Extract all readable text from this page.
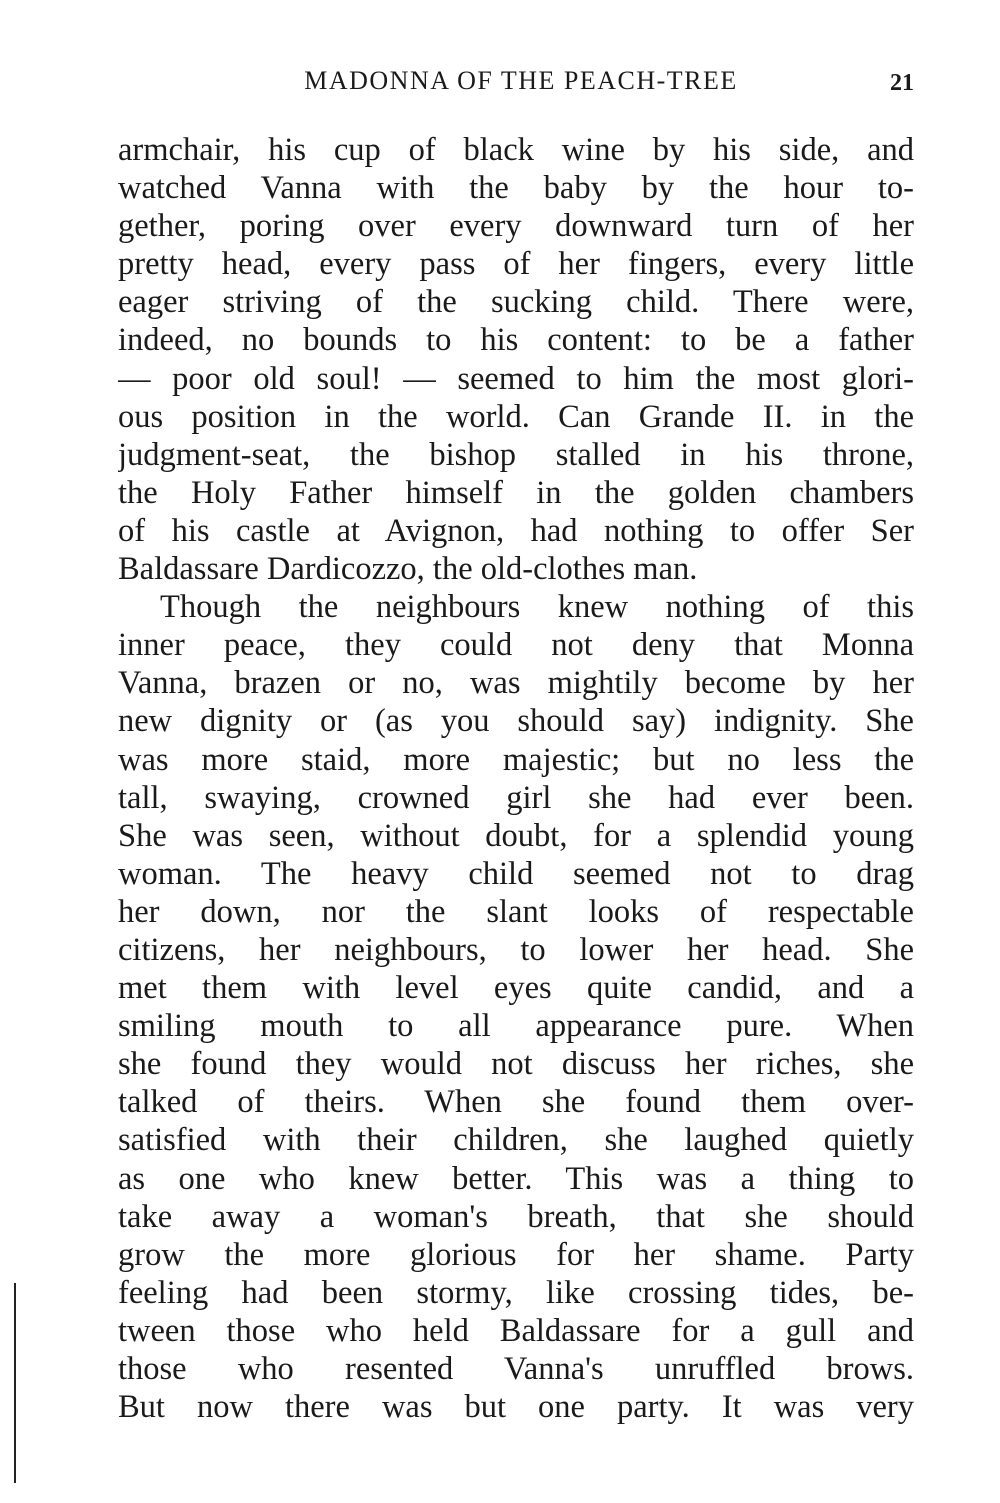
MADONNA OF THE PEACH-TREE	21
armchair, his cup of black wine by his side, and
watched Vanna with the baby by the hour to-
gether, poring over every downward turn of her
pretty head, every pass of her fingers, every little
eager striving of the sucking child. There were,
indeed, no bounds to his content: to be a father
— poor old soul! — seemed to him the most glori-
ous position in the world. Can Grande II. in the
judgment-seat, the bishop stalled in his throne,
the Holy Father himself in the golden chambers
of his castle at Avignon, had nothing to offer Ser
Baldassare Dardicozzo, the old-clothes man.
Though the neighbours knew nothing of this
inner peace, they could not deny that Monna
Vanna, brazen or no, was mightily become by her
new dignity or (as you should say) indignity. She
was more staid, more majestic; but no less the
tall, swaying, crowned girl she had ever been.
She was seen, without doubt, for a splendid young
woman. The heavy child seemed not to drag
her down, nor the slant looks of respectable
citizens, her neighbours, to lower her head. She
met them with level eyes quite candid, and a
smiling mouth to all appearance pure. When
she found they would not discuss her riches, she
talked of theirs. When she found them over-
satisfied with their children, she laughed quietly
as one who knew better. This was a thing to
take away a woman's breath, that she should
grow the more glorious for her shame. Party
feeling had been stormy, like crossing tides, be-
tween those who held Baldassare for a gull and
those who resented Vanna's unruffled brows.
But now there was but one party. It was very
